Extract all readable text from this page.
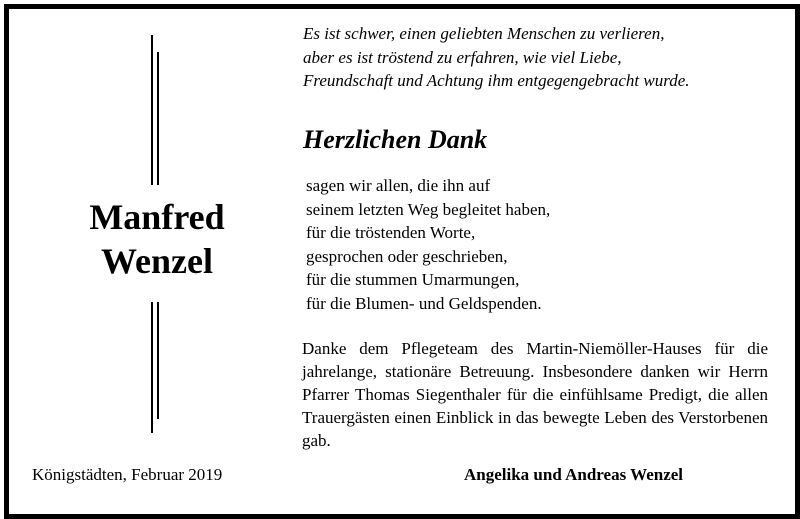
Manfred
Wenzel
Es ist schwer, einen geliebten Menschen zu verlieren,
aber es ist tröstend zu erfahren, wie viel Liebe,
Freundschaft und Achtung ihm entgegengebracht wurde.
Herzlichen Dank
sagen wir allen, die ihn auf
seinem letzten Weg begleitet haben,
für die tröstenden Worte,
gesprochen oder geschrieben,
für die stummen Umarmungen,
für die Blumen- und Geldspenden.
Danke dem Pflegeteam des Martin-Niemöller-Hauses für die jahrelange, stationäre Betreuung. Insbesondere danken wir Herrn Pfarrer Thomas Siegenthaler für die einfühlsame Predigt, die allen Trauergästen einen Einblick in das bewegte Leben des Verstorbenen gab.
Königstädten, Februar 2019	Angelika und Andreas Wenzel
